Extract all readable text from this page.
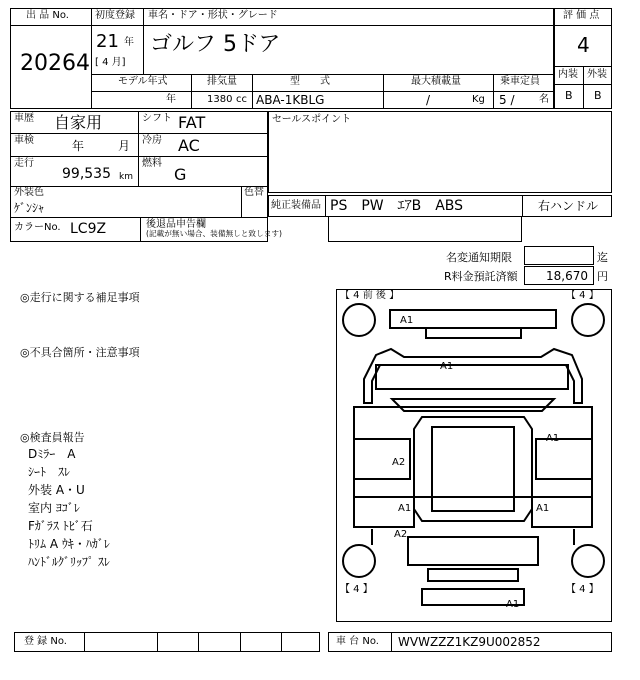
出 品 No.
20264
初度登録 車名・ドア・形状・グレード
21 年
[ 4 月]
ゴルフ 5ドア
モデル年式	排気量	型　　式	最大積載量	乗車定員
年	1380 cc ABA-1KBLG	/	Kg 5 / 名
評 価 点
4
内装 外装
B B
車歴 自家用	シフト FAT
車検	年	月 冷房 AC
走行
99,535 km
燃料
G
外装色
ｹﾞﾝｼｬ
色替
カラーNo. LC9Z	後退品申告欄
(記載が無い場合、装備無しと致します)
セールスポイント
純正装備品 PS　PW　ｴｱB　ABS	右ハンドル
名変通知期限	迄
R料金預託済額 18,670 円
◎走行に関する補足事項
◎不具合箇所・注意事項
◎検査員報告
Dﾐﾗｰ　A
ｼｰﾄ　ｽﾚ
外装 A・U
室内 ﾖｺﾞﾚ
Fｶﾞﾗｽ ﾄﾋﾞ石
ﾄﾘﾑ A ｳｷ・ﾊｶﾞﾚ
ﾊﾝﾄﾞﾙｸﾞﾘｯﾌﾟ ｽﾚ
【 4 前 後 】	【 4 】
【 4 】	【 4 】
A1
A1
A1
A2
A1	A1
A2
A1
登 録 No.	車 台 No. WVWZZZ1KZ9U002852
